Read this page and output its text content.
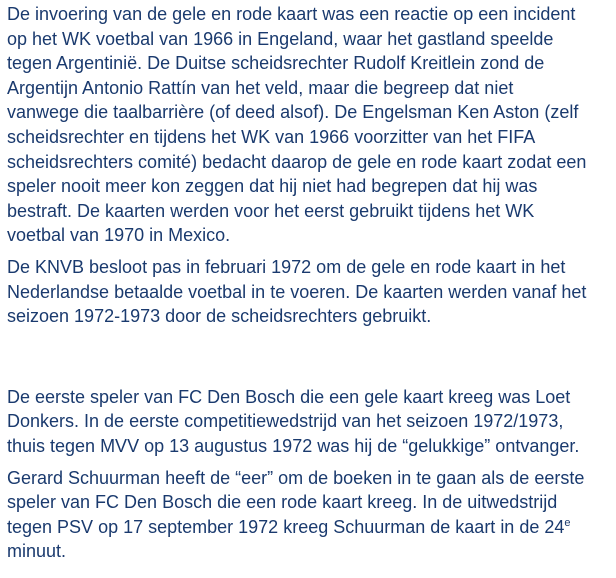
De invoering van de gele en rode kaart was een reactie op een incident
op het WK voetbal van 1966 in Engeland, waar het gastland speelde
tegen Argentinië. De Duitse scheidsrechter Rudolf Kreitlein zond de
Argentijn Antonio Rattín van het veld, maar die begreep dat niet
vanwege die taalbarrière (of deed alsof). De Engelsman Ken Aston (zelf
scheidsrechter en tijdens het WK van 1966 voorzitter van het FIFA
scheidsrechters comité) bedacht daarop de gele en rode kaart zodat een
speler nooit meer kon zeggen dat hij niet had begrepen dat hij was
bestraft. De kaarten werden voor het eerst gebruikt tijdens het WK
voetbal van 1970 in Mexico.

De KNVB besloot pas in februari 1972 om de gele en rode kaart in het
Nederlandse betaalde voetbal in te voeren. De kaarten werden vanaf het
seizoen 1972-1973 door de scheidsrechters gebruikt.

De eerste speler van FC Den Bosch die een gele kaart kreeg was Loet
Donkers. In de eerste competitiewedstrijd van het seizoen 1972/1973,
thuis tegen MVV op 13 augustus 1972 was hij de “gelukkige” ontvanger.

Gerard Schuurman heeft de “eer” om de boeken in te gaan als de eerste
speler van FC Den Bosch die een rode kaart kreeg. In de uitwedstrijd
tegen PSV op 17 september 1972 kreeg Schuurman de kaart in de 24e
minuut.
